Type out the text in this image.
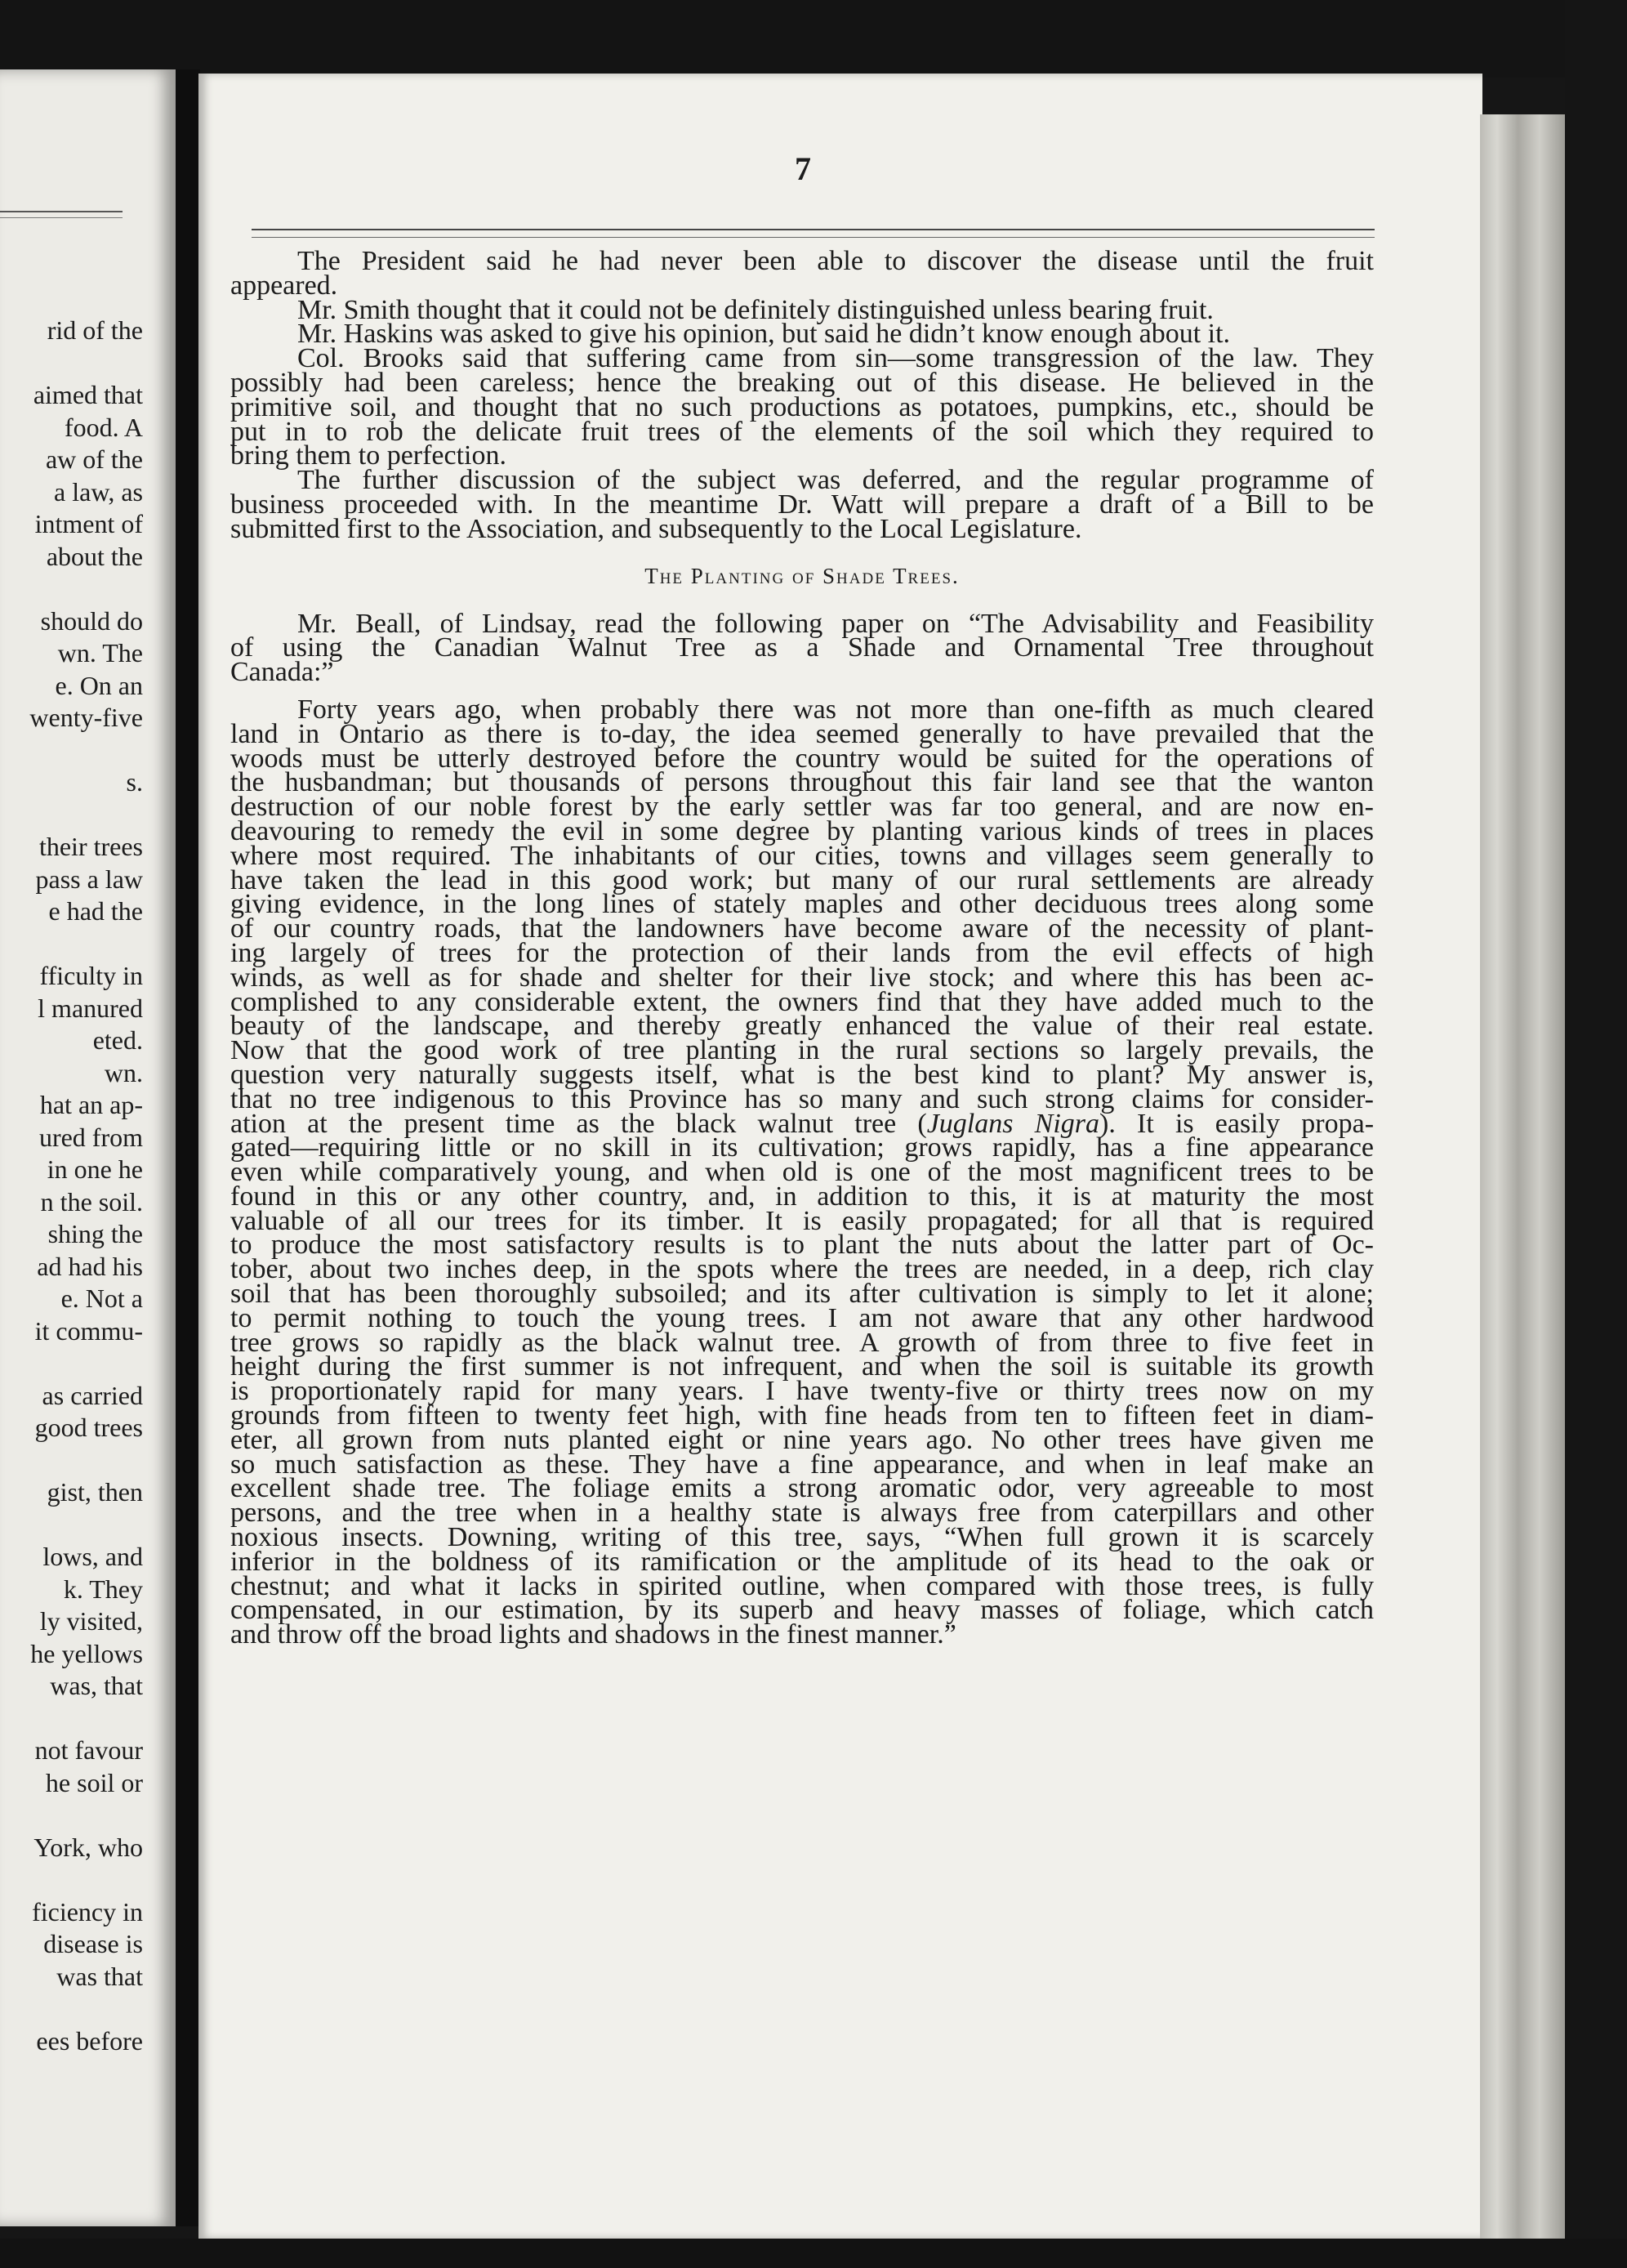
rid of the
aimed that
food. A
aw of the
a law, as
intment of
about the
should do
wn. The
e. On an
wenty-five
s.
their trees
pass a law
e had the
fficulty in
l manured
eted.
wn.
hat an ap-
ured from
in one he
n the soil.
shing the
ad had his
e. Not a
it commu-
as carried
good trees
gist, then
lows, and
k. They
ly visited,
he yellows
was, that
not favour
he soil or
York, who
ficiency in
disease is
was that
ees before
7
The President said he had never been able to discover the disease until the fruit
appeared.
Mr. Smith thought that it could not be definitely distinguished unless bearing fruit.
Mr. Haskins was asked to give his opinion, but said he didn’t know enough about it.
Col. Brooks said that suffering came from sin—some transgression of the law. They
possibly had been careless; hence the breaking out of this disease. He believed in the
primitive soil, and thought that no such productions as potatoes, pumpkins, etc., should be
put in to rob the delicate fruit trees of the elements of the soil which they required to
bring them to perfection.
The further discussion of the subject was deferred, and the regular programme of
business proceeded with. In the meantime Dr. Watt will prepare a draft of a Bill to be
submitted first to the Association, and subsequently to the Local Legislature.
The Planting of Shade Trees.
Mr. Beall, of Lindsay, read the following paper on “The Advisability and Feasibility
of using the Canadian Walnut Tree as a Shade and Ornamental Tree throughout
Canada:”
Forty years ago, when probably there was not more than one-fifth as much cleared
land in Ontario as there is to-day, the idea seemed generally to have prevailed that the
woods must be utterly destroyed before the country would be suited for the operations of
the husbandman; but thousands of persons throughout this fair land see that the wanton
destruction of our noble forest by the early settler was far too general, and are now en-
deavouring to remedy the evil in some degree by planting various kinds of trees in places
where most required. The inhabitants of our cities, towns and villages seem generally to
have taken the lead in this good work; but many of our rural settlements are already
giving evidence, in the long lines of stately maples and other deciduous trees along some
of our country roads, that the landowners have become aware of the necessity of plant-
ing largely of trees for the protection of their lands from the evil effects of high
winds, as well as for shade and shelter for their live stock; and where this has been ac-
complished to any considerable extent, the owners find that they have added much to the
beauty of the landscape, and thereby greatly enhanced the value of their real estate.
Now that the good work of tree planting in the rural sections so largely prevails, the
question very naturally suggests itself, what is the best kind to plant? My answer is,
that no tree indigenous to this Province has so many and such strong claims for consider-
ation at the present time as the black walnut tree (Juglans Nigra). It is easily propa-
gated—requiring little or no skill in its cultivation; grows rapidly, has a fine appearance
even while comparatively young, and when old is one of the most magnificent trees to be
found in this or any other country, and, in addition to this, it is at maturity the most
valuable of all our trees for its timber. It is easily propagated; for all that is required
to produce the most satisfactory results is to plant the nuts about the latter part of Oc-
tober, about two inches deep, in the spots where the trees are needed, in a deep, rich clay
soil that has been thoroughly subsoiled; and its after cultivation is simply to let it alone;
to permit nothing to touch the young trees. I am not aware that any other hardwood
tree grows so rapidly as the black walnut tree. A growth of from three to five feet in
height during the first summer is not infrequent, and when the soil is suitable its growth
is proportionately rapid for many years. I have twenty-five or thirty trees now on my
grounds from fifteen to twenty feet high, with fine heads from ten to fifteen feet in diam-
eter, all grown from nuts planted eight or nine years ago. No other trees have given me
so much satisfaction as these. They have a fine appearance, and when in leaf make an
excellent shade tree. The foliage emits a strong aromatic odor, very agreeable to most
persons, and the tree when in a healthy state is always free from caterpillars and other
noxious insects. Downing, writing of this tree, says, “When full grown it is scarcely
inferior in the boldness of its ramification or the amplitude of its head to the oak or
chestnut; and what it lacks in spirited outline, when compared with those trees, is fully
compensated, in our estimation, by its superb and heavy masses of foliage, which catch
and throw off the broad lights and shadows in the finest manner.”
